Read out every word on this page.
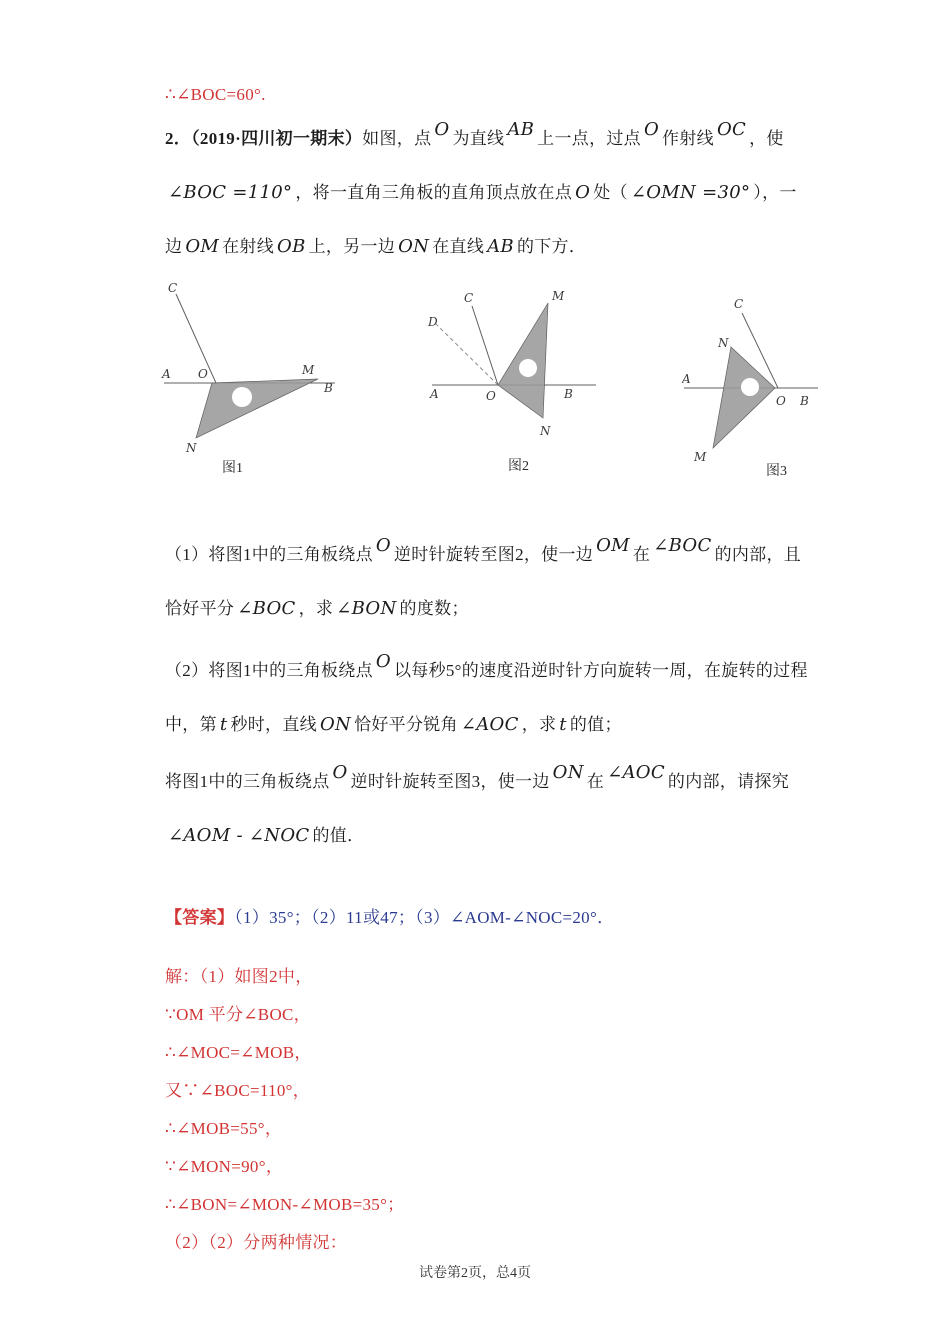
∴∠BOC=60°.
2．（2019·四川初一期末）如图，点 O 为直线 AB 上一点，过点 O 作射线 OC ，使∠BOC =110° ，将一直角三角板的直角顶点放在点 O 处（ ∠OMN =30° ），一边 OM 在射线 OB 上，另一边 ON 在直线 AB 的下方．
C
A O	M
B
N
图1
D
C	M
A	O	B
N
图2
C
N
A
O B
M
图3
（1）将图1中的三角板绕点 O 逆时针旋转至图2，使一边 OM 在 ∠BOC 的内部，且恰好平分 ∠BOC ，求 ∠BON 的度数；
（2）将图1中的三角板绕点 O 以每秒5°的速度沿逆时针方向旋转一周，在旋转的过程中，第 t 秒时，直线 ON 恰好平分锐角 ∠AOC ，求 t 的值；
将图1中的三角板绕点 O 逆时针旋转至图3，使一边 ON 在 ∠AOC 的内部，请探究∠AOM - ∠NOC 的值．
【答案】（1）35°；（2）11或47；（3）∠AOM-∠NOC=20°．
解：（1）如图2中，
∵OM 平分∠BOC，
∴∠MOC=∠MOB，
又∵∠BOC=110°，
∴∠MOB=55°，
∵∠MON=90°，
∴∠BON=∠MON-∠MOB=35°；
（2）（2）分两种情况：
试卷第2页，总4页
